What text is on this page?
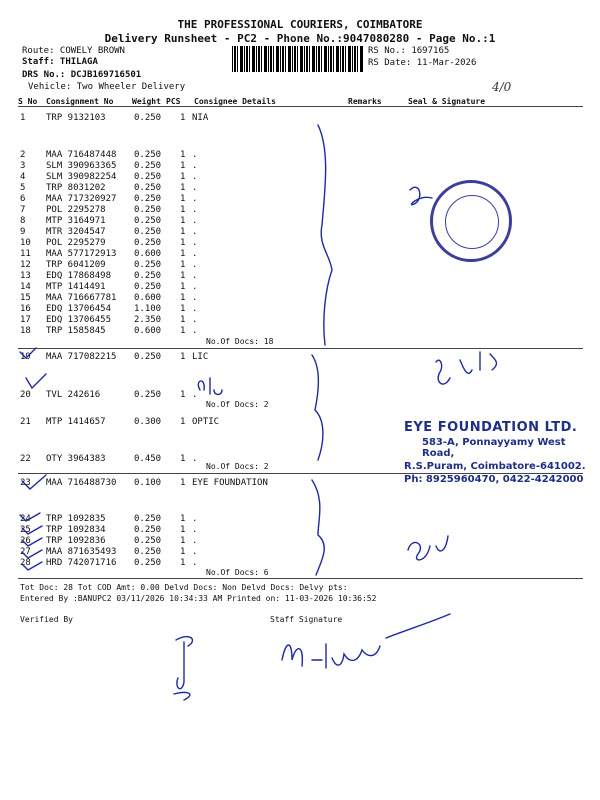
THE PROFESSIONAL COURIERS, COIMBATORE
Delivery Runsheet - PC2 - Phone No.:9047080280 - Page No.:1
Route: COWELY BROWN
Staff: THILAGA
DRS No.: DCJB169716501
Vehicle: Two Wheeler Delivery
RS No.: 1697165
RS Date: 11-Mar-2026
4/0
S No Consignment No Weight PCS Consignee Details	Remarks	Seal & Signature
1 TRP 9132103	0.250 1 NIA
2 MAA 716487448 0.250 1 .
3 SLM 390963365 0.250 1 .
4 SLM 390982254 0.250 1 .
5 TRP 8031202	0.250 1 .
6 MAA 717320927 0.250 1 .
7 POL 2295278	0.250 1 .
8 MTP 3164971	0.250 1 .
9 MTR 3204547	0.250 1 .
10 POL 2295279	0.250 1 .
11 MAA 577172913 0.600 1 .
12 TRP 6041209	0.250 1 .
13 EDQ 17868498	0.250 1 .
14 MTP 1414491	0.250 1 .
15 MAA 716667781 0.600 1 .
16 EDQ 13706454	1.100 1 .
17 EDQ 13706455	2.350 1 .
18 TRP 1585845	0.600 1 .
19 MAA 717082215 0.250 1 LIC
20 TVL 242616	0.250 1 .
21 MTP 1414657	0.300 1 OPTIC
22 OTY 3964383	0.450 1 .
23 MAA 716488730 0.100 1 EYE FOUNDATION
24 TRP 1092835	0.250 1 .
25 TRP 1092834	0.250 1 .
26 TRP 1092836	0.250 1 .
27 MAA 871635493 0.250 1 .
28 HRD 742071716 0.250 1 .
No.Of Docs: 18
No.Of Docs: 2
No.Of Docs: 2
No.Of Docs: 6
Tot Doc: 28 Tot COD Amt: 0.00 Delvd Docs: Non Delvd Docs: Delvy pts:
Entered By :BANUPC2 03/11/2026 10:34:33 AM Printed on: 11-03-2026 10:36:52
Verified By	Staff Signature
EYE FOUNDATION LTD.
583-A, Ponnayyamy West Road,
R.S.Puram, Coimbatore-641002.
Ph: 8925960470, 0422-4242000
